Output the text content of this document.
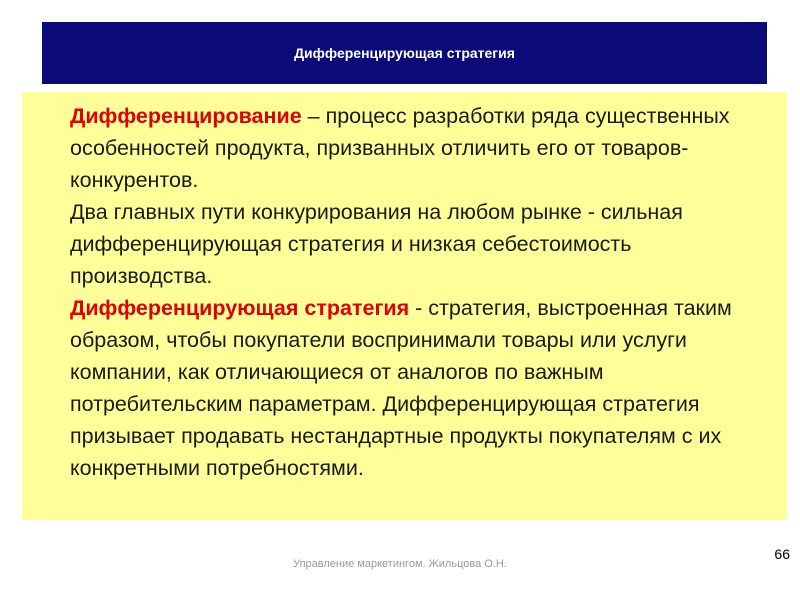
Дифференцирующая стратегия

Дифференцирование – процесс разработки ряда существенных особенностей продукта, призванных отличить его от товаров-конкурентов.

Два главных пути конкурирования на любом рынке - сильная дифференцирующая стратегия и низкая себестоимость производства.

Дифференцирующая стратегия - стратегия, выстроенная таким образом, чтобы покупатели воспринимали товары или услуги компании, как отличающиеся от аналогов по важным потребительским параметрам. Дифференцирующая стратегия призывает продавать нестандартные продукты покупателям с их конкретными потребностями.

Управление маркетингом. Жильцова О.Н.
66
